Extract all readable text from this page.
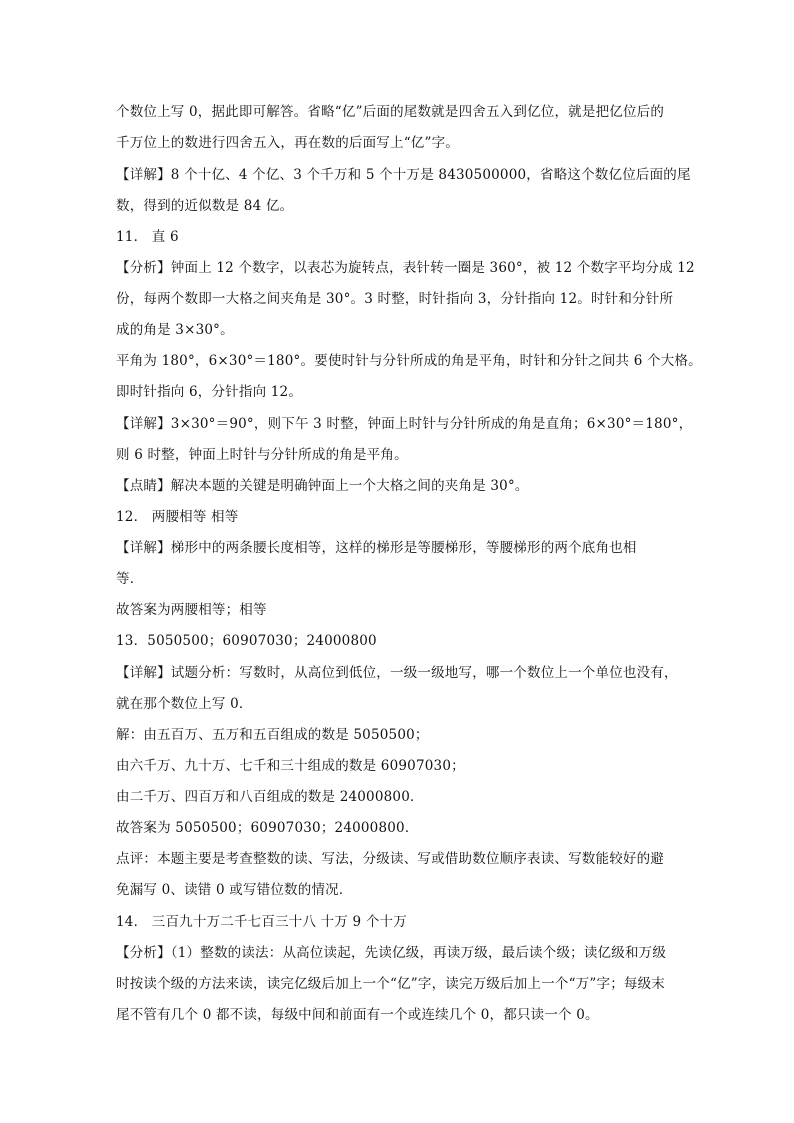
个数位上写 0，据此即可解答。省略“亿”后面的尾数就是四舍五入到亿位，就是把亿位后的
千万位上的数进行四舍五入，再在数的后面写上“亿”字。
【详解】8 个十亿、4 个亿、3 个千万和 5 个十万是 8430500000，省略这个数亿位后面的尾
数，得到的近似数是 84 亿。
11． 直 6
【分析】钟面上 12 个数字，以表芯为旋转点，表针转一圈是 360°，被 12 个数字平均分成 12
份，每两个数即一大格之间夹角是 30°。3 时整，时针指向 3，分针指向 12。时针和分针所
成的角是 3×30°。
平角为 180°，6×30°＝180°。要使时针与分针所成的角是平角，时针和分针之间共 6 个大格。
即时针指向 6，分针指向 12。
【详解】3×30°＝90°，则下午 3 时整，钟面上时针与分针所成的角是直角；6×30°＝180°，
则 6 时整，钟面上时针与分针所成的角是平角。
【点睛】解决本题的关键是明确钟面上一个大格之间的夹角是 30°。
12． 两腰相等 相等
【详解】梯形中的两条腰长度相等，这样的梯形是等腰梯形，等腰梯形的两个底角也相
等．
故答案为两腰相等；相等
13．5050500；60907030；24000800
【详解】试题分析：写数时，从高位到低位，一级一级地写，哪一个数位上一个单位也没有，
就在那个数位上写 0．
解：由五百万、五万和五百组成的数是 5050500；
由六千万、九十万、七千和三十组成的数是 60907030；
由二千万、四百万和八百组成的数是 24000800．
故答案为 5050500；60907030；24000800．
点评：本题主要是考查整数的读、写法，分级读、写或借助数位顺序表读、写数能较好的避
免漏写 0、读错 0 或写错位数的情况．
14． 三百九十万二千七百三十八 十万 9 个十万
【分析】（1）整数的读法：从高位读起，先读亿级，再读万级，最后读个级；读亿级和万级
时按读个级的方法来读，读完亿级后加上一个“亿”字，读完万级后加上一个“万”字；每级末
尾不管有几个 0 都不读，每级中间和前面有一个或连续几个 0，都只读一个 0。
